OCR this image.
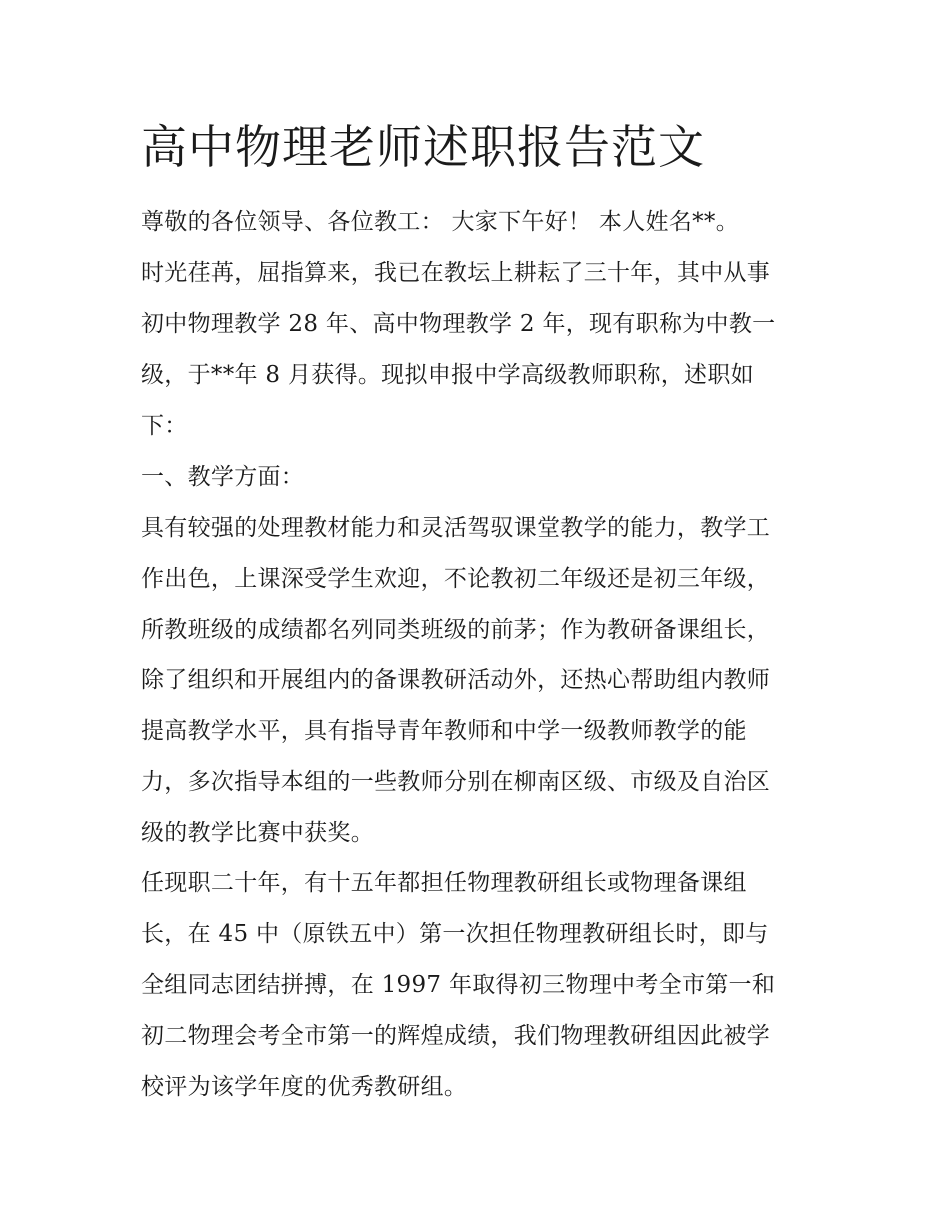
高中物理老师述职报告范文
尊敬的各位领导、各位教工： 大家下午好！ 本人姓名**。
时光荏苒，屈指算来，我已在教坛上耕耘了三十年，其中从事
初中物理教学 28 年、高中物理教学 2 年，现有职称为中教一
级，于**年 8 月获得。现拟申报中学高级教师职称，述职如
下：
一、教学方面：
具有较强的处理教材能力和灵活驾驭课堂教学的能力，教学工
作出色，上课深受学生欢迎，不论教初二年级还是初三年级，
所教班级的成绩都名列同类班级的前茅；作为教研备课组长，
除了组织和开展组内的备课教研活动外，还热心帮助组内教师
提高教学水平，具有指导青年教师和中学一级教师教学的能
力，多次指导本组的一些教师分别在柳南区级、市级及自治区
级的教学比赛中获奖。
任现职二十年，有十五年都担任物理教研组长或物理备课组
长，在 45 中（原铁五中）第一次担任物理教研组长时，即与
全组同志团结拼搏，在 1997 年取得初三物理中考全市第一和
初二物理会考全市第一的辉煌成绩，我们物理教研组因此被学
校评为该学年度的优秀教研组。
